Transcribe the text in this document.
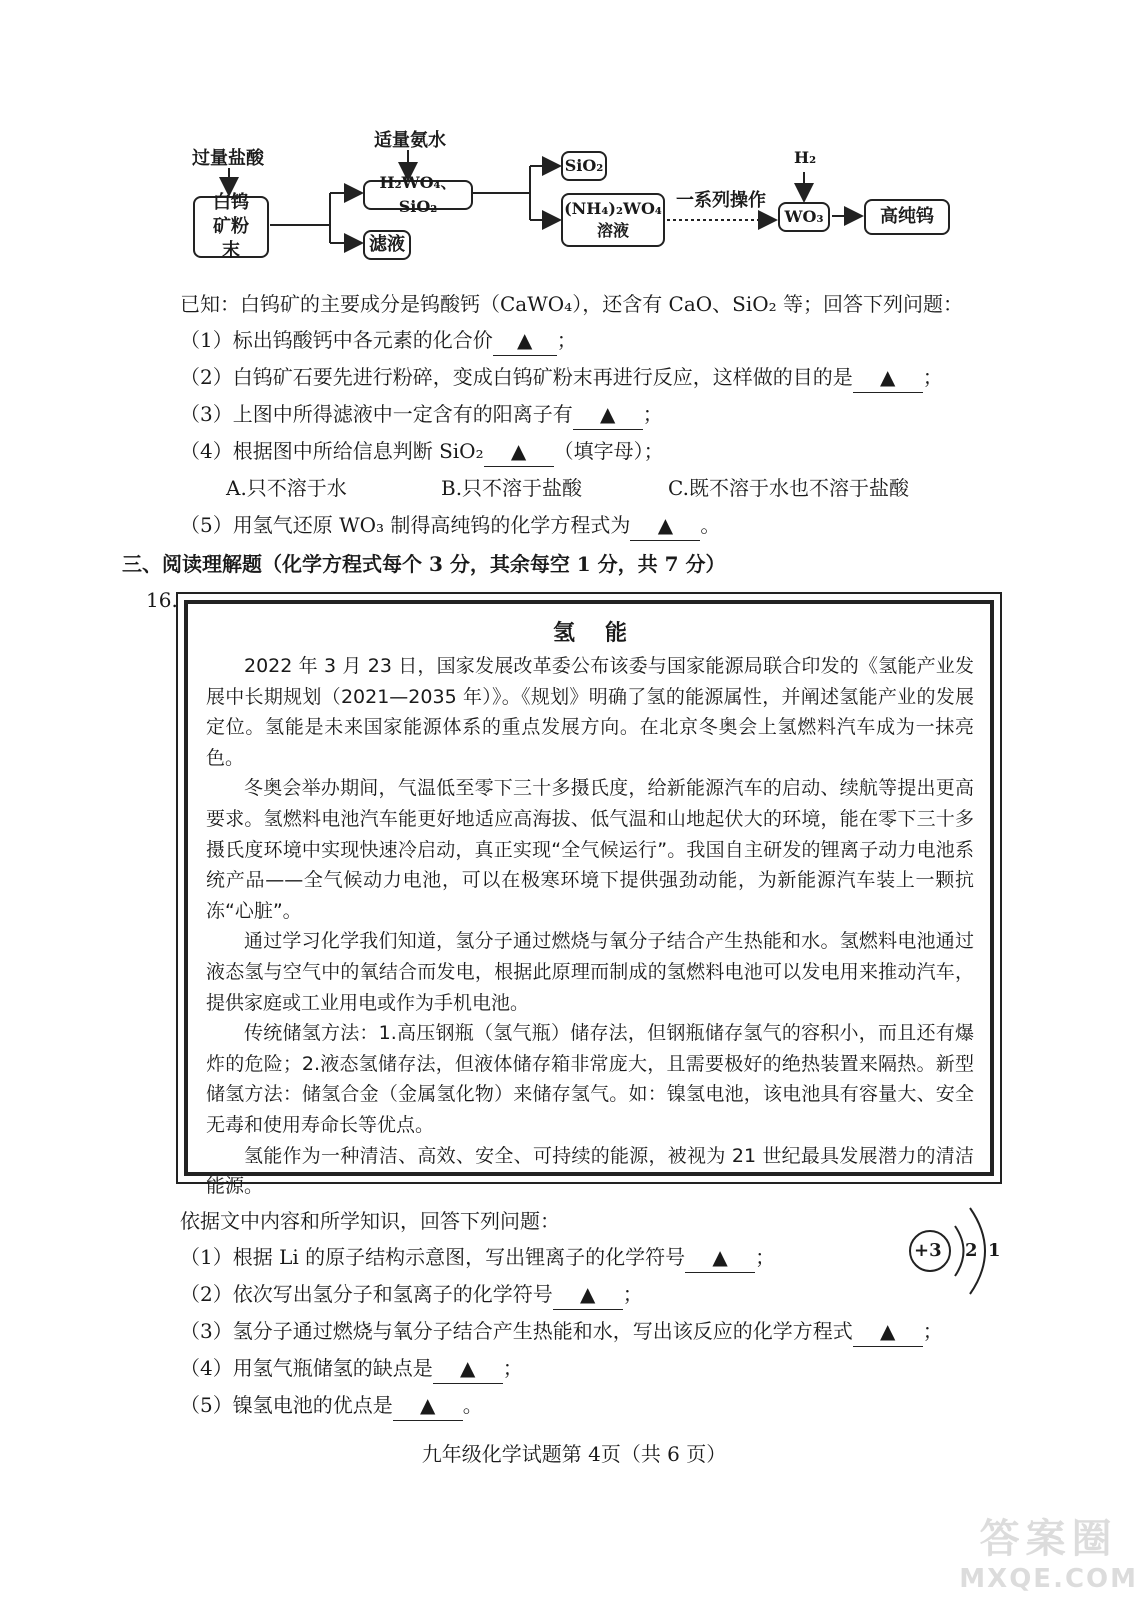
过量盐酸
适量氨水
白钨矿粉末
H₂WO₄、SiO₂
滤液
SiO₂
(NH₄)₂WO₄
溶液
一系列操作
H₂
WO₃	高纯钨
已知：白钨矿的主要成分是钨酸钙（CaWO₄），还含有 CaO、SiO₂ 等；回答下列问题：
（1）标出钨酸钙中各元素的化合价 ▲ ；
（2）白钨矿石要先进行粉碎，变成白钨矿粉末再进行反应，这样做的目的是 ▲ ；
（3）上图中所得滤液中一定含有的阳离子有 ▲ ；
（4）根据图中所给信息判断 SiO₂ ▲ （填字母）；
A.只不溶于水	B.只不溶于盐酸	C.既不溶于水也不溶于盐酸
（5）用氢气还原 WO₃ 制得高纯钨的化学方程式为 ▲ 。
三、阅读理解题（化学方程式每个 3 分，其余每空 1 分，共 7 分）
16.
氢能

2022 年 3 月 23 日，国家发展改革委公布该委与国家能源局联合印发的《氢能产业发展中长期规划（2021—2035 年）》。《规划》明确了氢的能源属性，并阐述氢能产业的发展定位。氢能是未来国家能源体系的重点发展方向。在北京冬奥会上氢燃料汽车成为一抹亮色。

冬奥会举办期间，气温低至零下三十多摄氏度，给新能源汽车的启动、续航等提出更高要求。氢燃料电池汽车能更好地适应高海拔、低气温和山地起伏大的环境，能在零下三十多摄氏度环境中实现快速冷启动，真正实现“全气候运行”。我国自主研发的锂离子动力电池系统产品——全气候动力电池，可以在极寒环境下提供强劲动能，为新能源汽车装上一颗抗冻“心脏”。

通过学习化学我们知道，氢分子通过燃烧与氧分子结合产生热能和水。氢燃料电池通过液态氢与空气中的氧结合而发电，根据此原理而制成的氢燃料电池可以发电用来推动汽车，提供家庭或工业用电或作为手机电池。

传统储氢方法：1.高压钢瓶（氢气瓶）储存法，但钢瓶储存氢气的容积小，而且还有爆炸的危险；2.液态氢储存法，但液体储存箱非常庞大，且需要极好的绝热装置来隔热。新型储氢方法：储氢合金（金属氢化物）来储存氢气。如：镍氢电池，该电池具有容量大、安全无毒和使用寿命长等优点。

氢能作为一种清洁、高效、安全、可持续的能源，被视为 21 世纪最具发展潜力的清洁能源。

依据文中内容和所学知识，回答下列问题：
（1）根据 Li 的原子结构示意图，写出锂离子的化学符号 ▲ ；
（2）依次写出氢分子和氢离子的化学符号 ▲ ；
（3）氢分子通过燃烧与氧分子结合产生热能和水，写出该反应的化学方程式 ▲ ；
（4）用氢气瓶储氢的缺点是 ▲ ；
（5）镍氢电池的优点是 ▲ 。
+3 2 1
九年级化学试题第 4页（共 6 页）
答案圈
MXQE.COM
